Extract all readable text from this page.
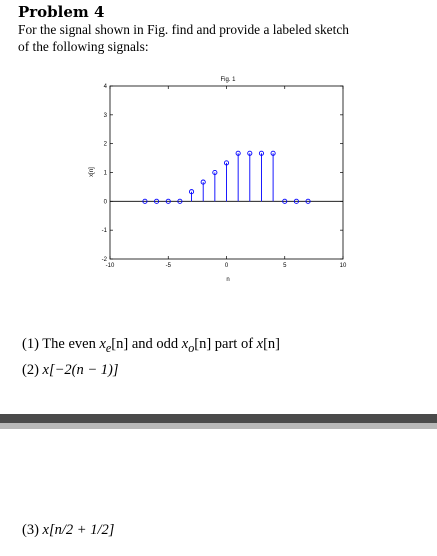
Problem 4

For the signal shown in Fig. find and provide a labeled sketch
of the following signals:

Fig. 1
n
x[n]
-10	-5	0	5	10
-2
-1
0
1
2
3
4

(1) The even $x_e[n]$ and odd $x_o[n]$ part of x[n]

(2) x[−2(n − 1)]

(3) x[n/2 + 1/2]
